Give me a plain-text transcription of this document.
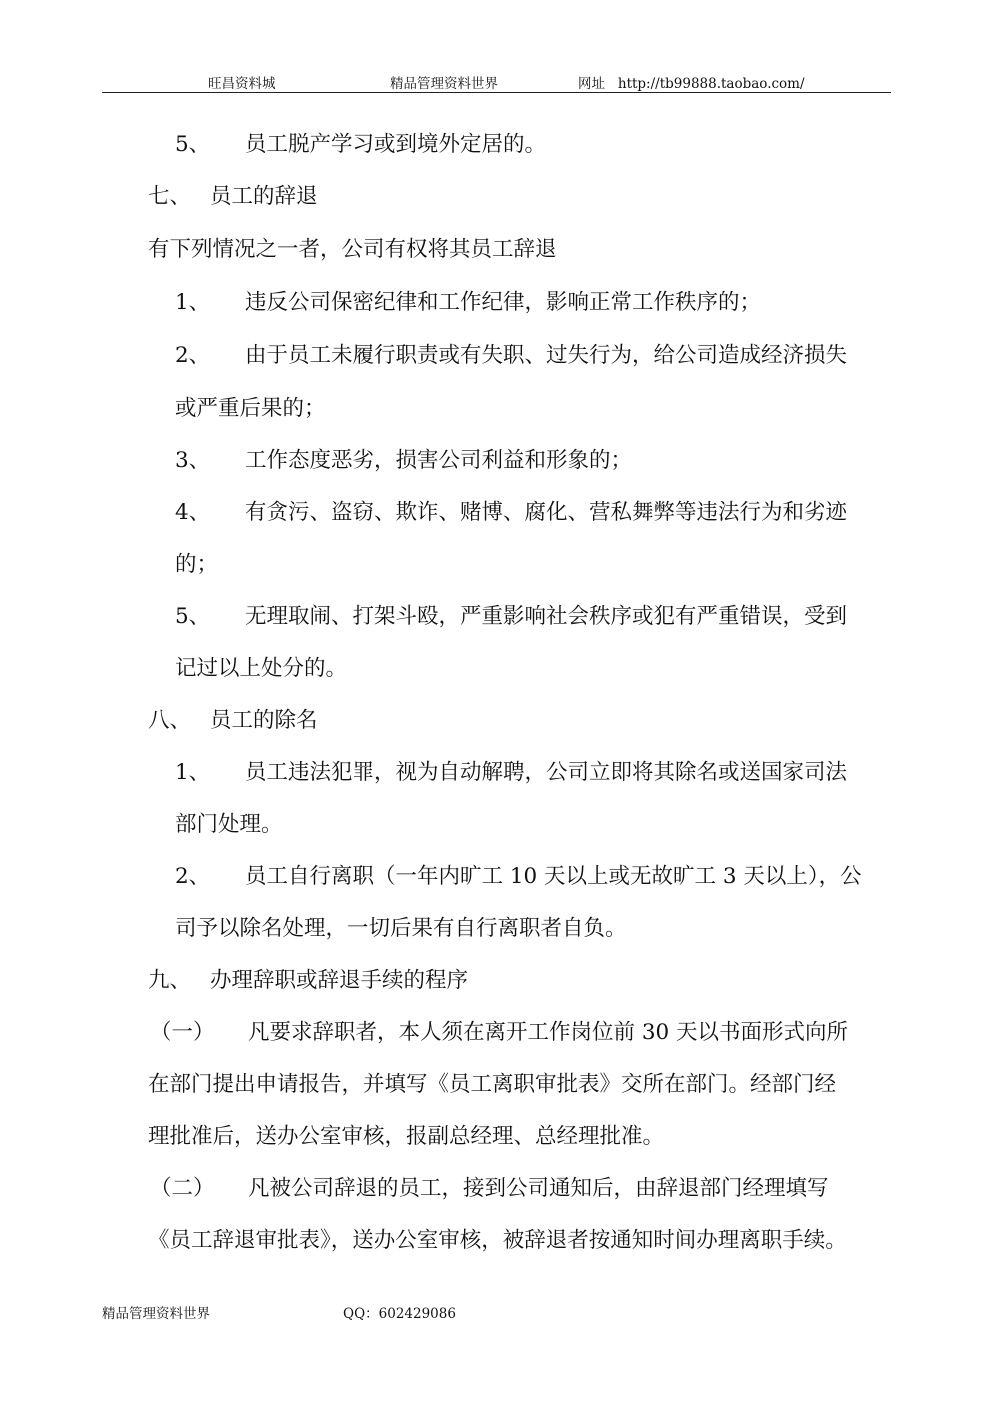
旺昌资料城	精品管理资料世界	网址 http://tb99888.taobao.com/
5、 员工脱产学习或到境外定居的。
七、 员工的辞退
有下列情况之一者，公司有权将其员工辞退
1、 违反公司保密纪律和工作纪律，影响正常工作秩序的；
2、 由于员工未履行职责或有失职、过失行为，给公司造成经济损失
或严重后果的；
3、 工作态度恶劣，损害公司利益和形象的；
4、 有贪污、盗窃、欺诈、赌博、腐化、营私舞弊等违法行为和劣迹
的；
5、 无理取闹、打架斗殴，严重影响社会秩序或犯有严重错误，受到
记过以上处分的。
八、 员工的除名
1、 员工违法犯罪，视为自动解聘，公司立即将其除名或送国家司法
部门处理。
2、 员工自行离职（一年内旷工 10 天以上或无故旷工 3 天以上），公
司予以除名处理，一切后果有自行离职者自负。
九、 办理辞职或辞退手续的程序
（一） 凡要求辞职者，本人须在离开工作岗位前 30 天以书面形式向所
在部门提出申请报告，并填写《员工离职审批表》交所在部门。经部门经
理批准后，送办公室审核，报副总经理、总经理批准。
（二） 凡被公司辞退的员工，接到公司通知后，由辞退部门经理填写
《员工辞退审批表》，送办公室审核，被辞退者按通知时间办理离职手续。
精品管理资料世界	QQ：602429086
